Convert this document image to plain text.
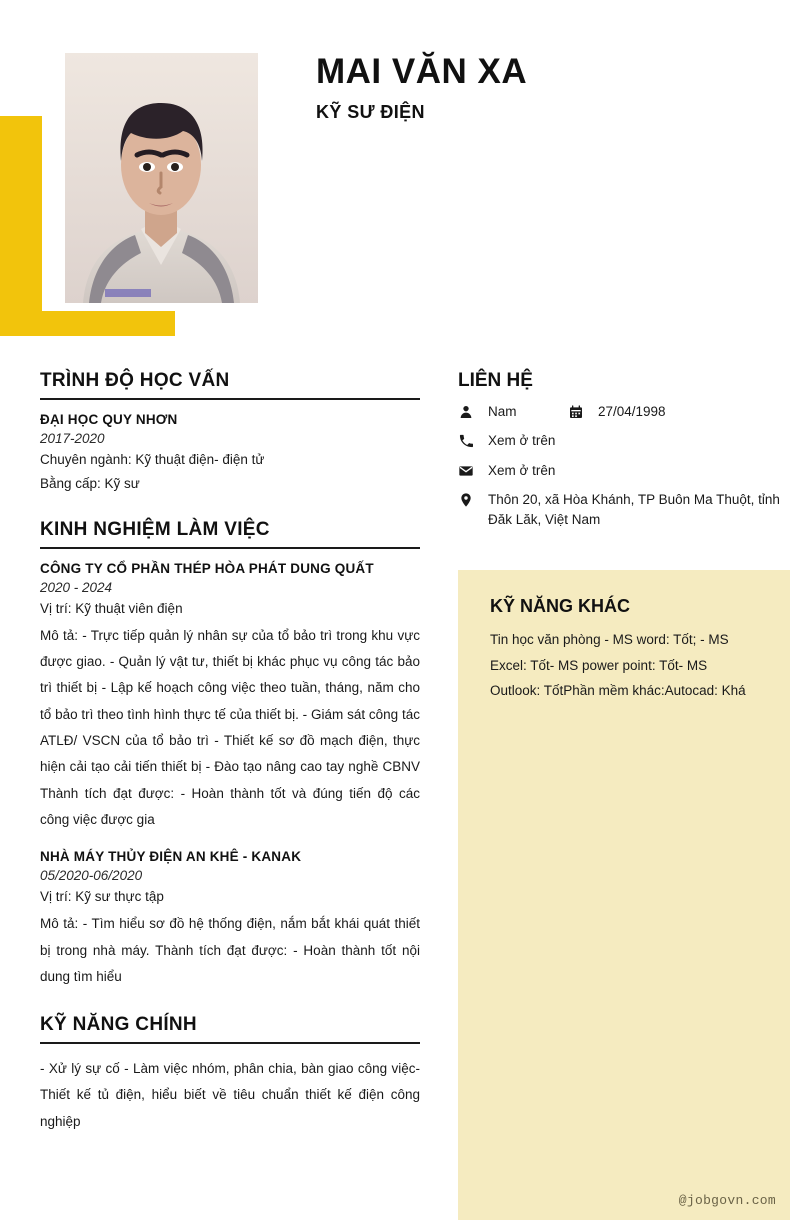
MAI VĂN XA
KỸ SƯ ĐIỆN
TRÌNH ĐỘ HỌC VẤN
ĐẠI HỌC QUY NHƠN
2017-2020
Chuyên ngành: Kỹ thuật điện- điện tử
Bằng cấp: Kỹ sư
KINH NGHIỆM LÀM VIỆC
CÔNG TY CỔ PHẦN THÉP HÒA PHÁT DUNG QUẤT
2020 - 2024
Vị trí: Kỹ thuật viên điện
Mô tả: - Trực tiếp quản lý nhân sự của tổ bảo trì trong khu vực được giao. - Quản lý vật tư, thiết bị khác phục vụ công tác bảo trì thiết bị - Lập kế hoạch công việc theo tuần, tháng, năm cho tổ bảo trì theo tình hình thực tế của thiết bị. - Giám sát công tác ATLĐ/ VSCN của tổ bảo trì - Thiết kế sơ đồ mạch điện, thực hiện cải tạo cải tiến thiết bị - Đào tạo nâng cao tay nghề CBNV Thành tích đạt được: - Hoàn thành tốt và đúng tiến độ các công việc được gia
NHÀ MÁY THỦY ĐIỆN AN KHÊ - KANAK
05/2020-06/2020
Vị trí: Kỹ sư thực tập
Mô tả: - Tìm hiểu sơ đồ hệ thống điện, nắm bắt khái quát thiết bị trong nhà máy. Thành tích đạt được: - Hoàn thành tốt nội dung tìm hiểu
KỸ NĂNG CHÍNH

- Xử lý sự cố - Làm việc nhóm, phân chia, bàn giao công việc- Thiết kế tủ điện, hiểu biết về tiêu chuẩn thiết kế điện công nghiệp

LIÊN HỆ
Nam	27/04/1998
Xem ở trên
Xem ở trên
Thôn 20, xã Hòa Khánh, TP Buôn Ma Thuột, tỉnh Đăk Lăk, Việt Nam
KỸ NĂNG KHÁC

Tin học văn phòng - MS word: Tốt; - MS Excel: Tốt- MS power point: Tốt- MS Outlook: TốtPhần mềm khác:Autocad: Khá

@jobgovn.com
